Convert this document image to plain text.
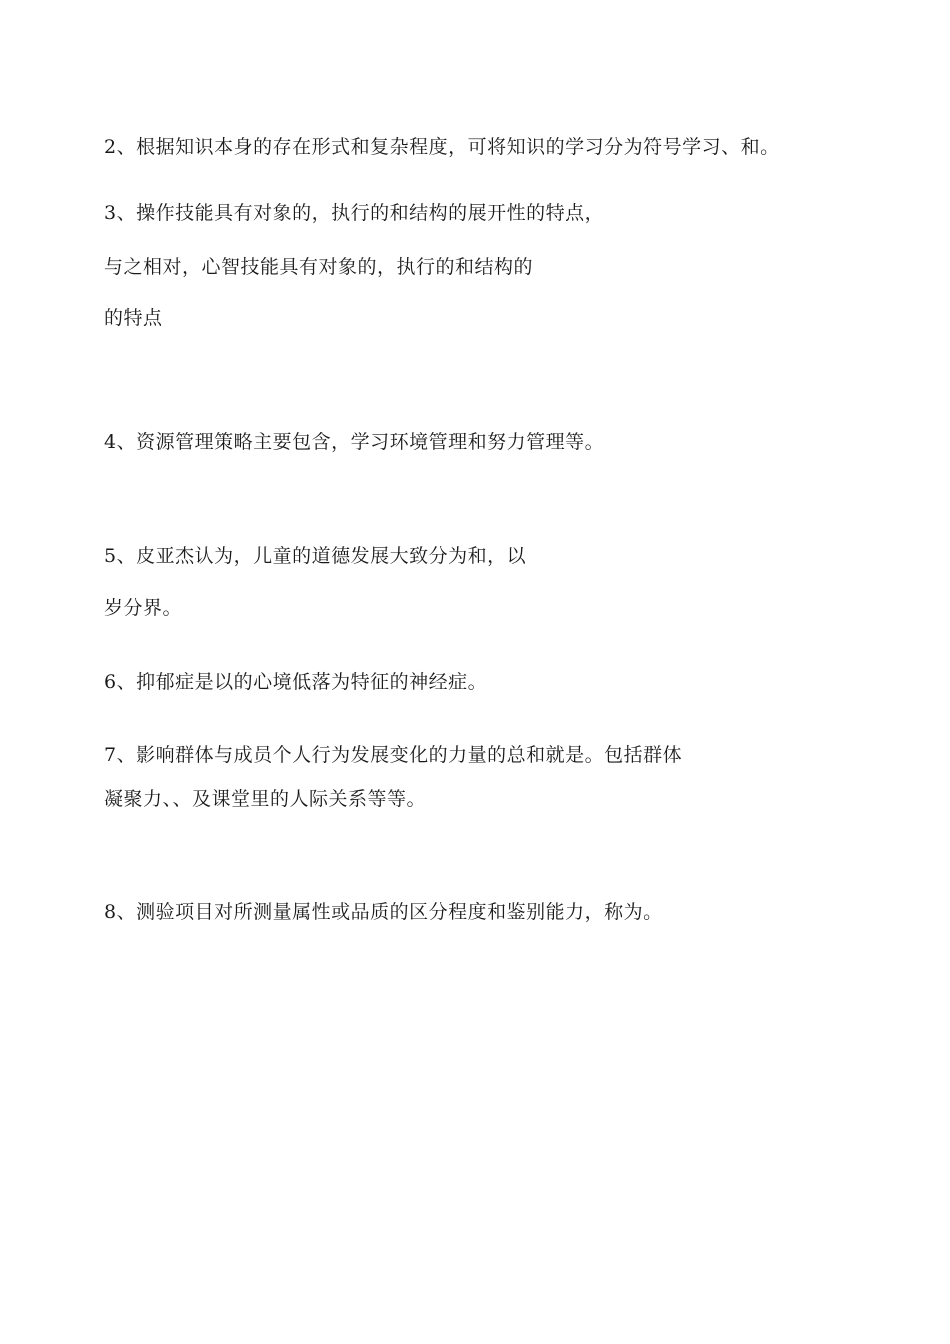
2、根据知识本身的存在形式和复杂程度，可将知识的学习分为符号学习、和。
3、操作技能具有对象的，执行的和结构的展开性的特点，
与之相对，心智技能具有对象的，执行的和结构的
的特点
4、资源管理策略主要包含，学习环境管理和努力管理等。
5、皮亚杰认为，儿童的道德发展大致分为和，以
岁分界。
6、抑郁症是以的心境低落为特征的神经症。
7、影响群体与成员个人行为发展变化的力量的总和就是。包括群体
凝聚力、、及课堂里的人际关系等等。
8、测验项目对所测量属性或品质的区分程度和鉴别能力，称为。
